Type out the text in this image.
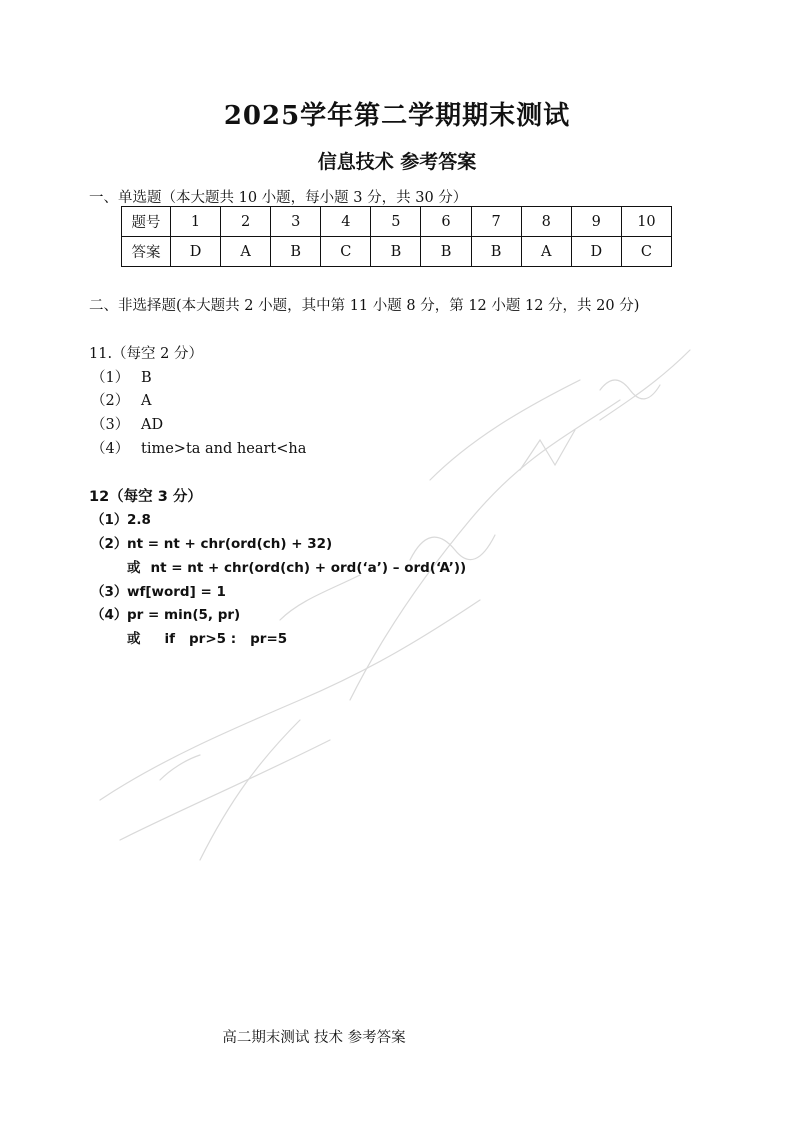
2025学年第二学期期末测试
信息技术 参考答案
一、单选题（本大题共 10 小题，每小题 3 分，共 30 分）
题号	1	2	3	4	5	6	7	8	9	10
答案	D	A	B	C	B	B	B	A	D	C
二、非选择题(本大题共 2 小题，其中第 11 小题 8 分，第 12 小题 12 分，共 20 分)
11.（每空 2 分）
（1） B
（2） A
（3） AD
（4） time>ta and heart<ha
12（每空 3 分）
（1）2.8
（2）nt = nt + chr(ord(ch) + 32)
或 nt = nt + chr(ord(ch) + ord(‘a’) – ord(‘A’))
（3）wf[word] = 1
（4）pr = min(5, pr)
或 if pr>5 : pr=5
高二期末测试 技术 参考答案
